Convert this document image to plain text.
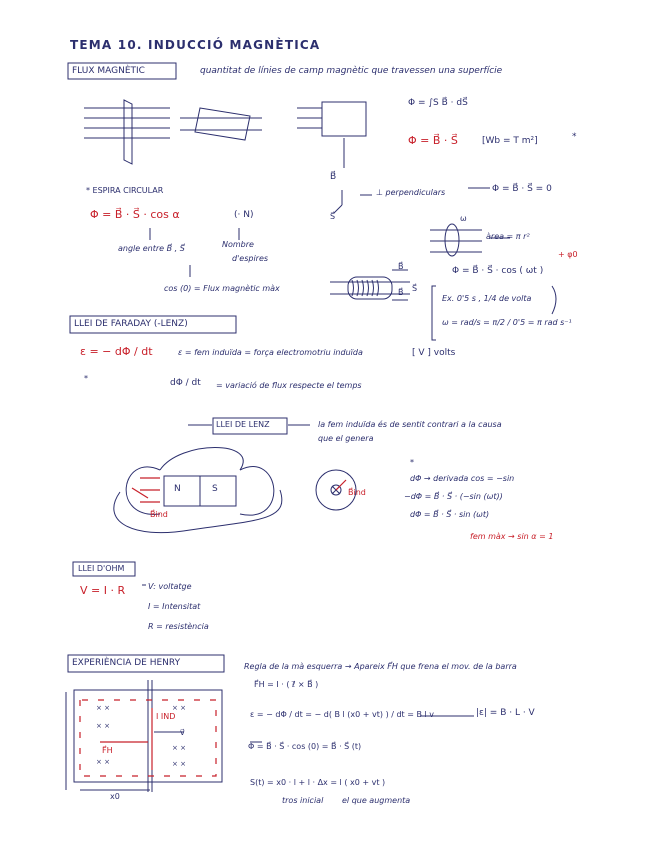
× ×	× ×
× ×
× ×
× ×	× ×
TEMA 10. INDUCCIÓ MAGNÈTICA
FLUX MAGNÈTIC	quantitat de línies de camp magnètic que travessen una superfície
Φ = ∫S B⃗ · dS⃗
Φ = B⃗ · S⃗	[Wb = T m²]	*
B⃗
S⃗
⊥ perpendiculars	Φ = B⃗ · S⃗ = 0
* ESPIRA CIRCULAR
Φ = B⃗ · S⃗ · cos α	(· N)
angle entre B⃗ , S⃗	Nombre
d'espires
cos (0) = Flux magnètic màx
ω
àrea = π r²
+ φ0
Φ = B⃗ · S⃗ · cos ( ωt )
B⃗
B⃗ S⃗
Ex. 0'5 s , 1/4 de volta
ω = rad/s = π/2 / 0'5 = π rad s⁻¹
LLEI DE FARADAY (-LENZ)
ε = − dΦ / dt	ε = fem induïda = força electromotriu induïda	[ V ] volts
*	dΦ / dt = variació de flux respecte el temps
LLEI DE LENZ	la fem induïda és de sentit contrari a la causa
que el genera
N	S
B⃗ind
B⃗ind
*
dΦ → derivada cos = −sin
−dΦ = B⃗ · S⃗ · (−sin (ωt))
dΦ = B⃗ · S⃗ · sin (ωt)
fem màx → sin α = 1
LLEI D'OHM
V = I · R	V: voltatge
I = Intensitat
R = resistència
EXPERIÈNCIA DE HENRY	Regla de la mà esquerra → Apareix F⃗H que frena el mov. de la barra
F⃗H = I · ( ℓ⃗ × B⃗ )
ε = − dΦ / dt = − d( B l (x0 + vt) ) / dt = B l v	|ε| = B · L · V
Φ = B⃗ · S⃗ · cos (0) = B⃗ · S⃗ (t)
S(t) = x0 · l + l · Δx = l ( x0 + vt )
tros inicial el que augmenta
I IND
F⃗H
v⃗
x0
